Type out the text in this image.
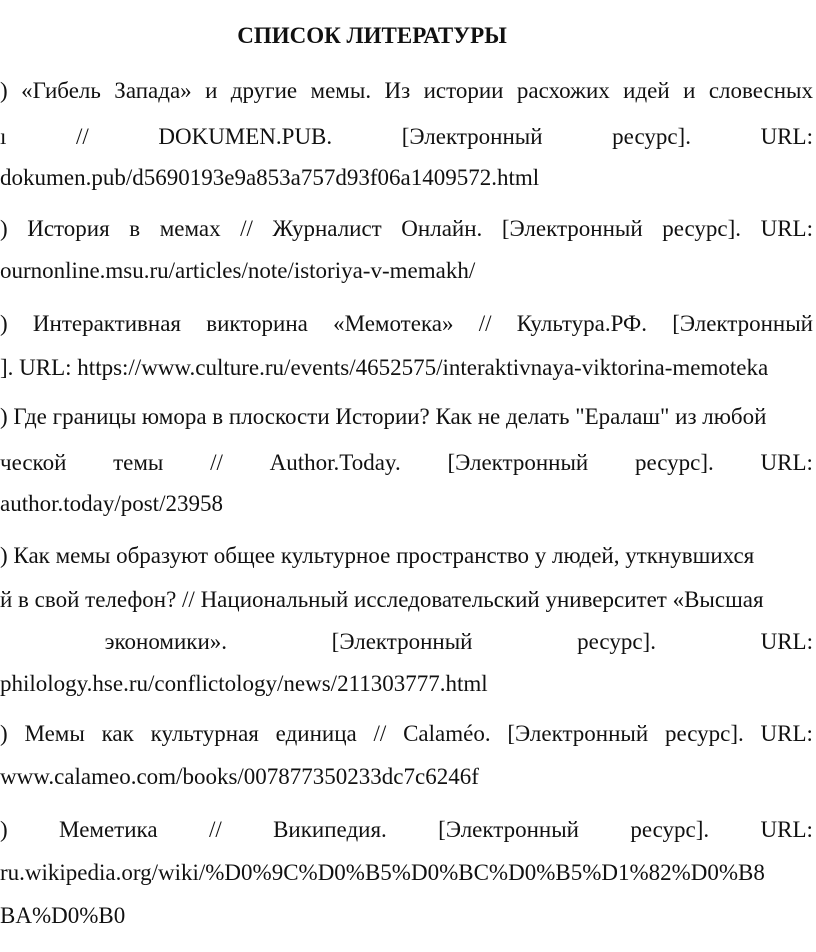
СПИСОК ЛИТЕРАТУРЫ
) «Гибель Запада» и другие мемы. Из истории расхожих идей и словесных
ı	//	DOKUMEN.PUB.	[Электронный	ресурс].	URL:
dokumen.pub/d5690193e9a853a757d93f06a1409572.html
) История в мемах // Журналист Онлайн. [Электронный ресурс]. URL:
ournonline.msu.ru/articles/note/istoriya-v-memakh/
) Интерактивная викторина «Мемотека» // Культура.РФ. [Электронный
]. URL: https://www.culture.ru/events/4652575/interaktivnaya-viktorina-memoteka
) Где границы юмора в плоскости Истории? Как не делать "Ералаш" из любой
ческой темы // Author.Today. [Электронный ресурс]. URL:
author.today/post/23958
) Как мемы образуют общее культурное пространство у людей, уткнувшихся
й в свой телефон? // Национальный исследовательский университет «Высшая
экономики».	[Электронный	ресурс].	URL:
philology.hse.ru/conflictology/news/211303777.html
) Мемы как культурная единица // Calaméo. [Электронный ресурс]. URL:
www.calameo.com/books/007877350233dc7c6246f
) Меметика // Википедия. [Электронный ресурс]. URL:
ru.wikipedia.org/wiki/%D0%9C%D0%B5%D0%BC%D0%B5%D1%82%D0%B8
BA%D0%B0
